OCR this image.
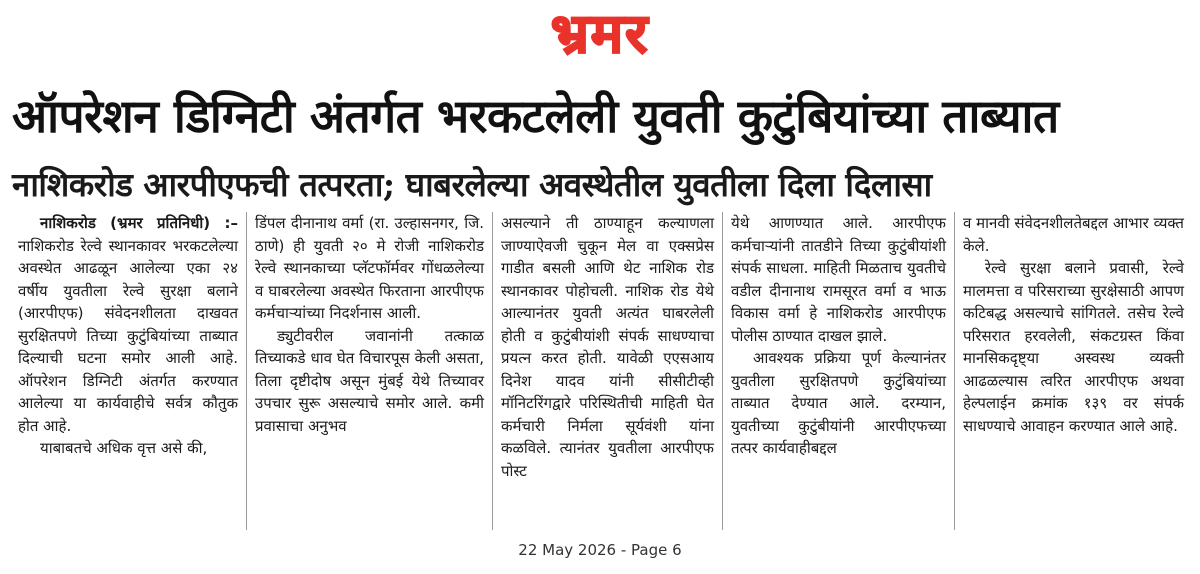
भ्रमर
ऑपरेशन डिग्निटी अंतर्गत भरकटलेली युवती कुटुंबियांच्या ताब्यात
नाशिकरोड आरपीएफची तत्परता; घाबरलेल्या अवस्थेतील युवतीला दिला दिलासा

नाशिकरोड (भ्रमर प्रतिनिधी) :– नाशिकरोड रेल्वे स्थानकावर भरकटलेल्या अवस्थेत आढळून आलेल्या एका २४ वर्षीय युवतीला रेल्वे सुरक्षा बलाने (आरपीएफ) संवेदनशीलता दाखवत सुरक्षितपणे तिच्या कुटुंबियांच्या ताब्यात दिल्याची घटना समोर आली आहे. ऑपरेशन डिग्निटी अंतर्गत करण्यात आलेल्या या कार्यवाहीचे सर्वत्र कौतुक होत आहे.

याबाबतचे अधिक वृत्त असे की,

डिंपल दीनानाथ वर्मा (रा. उल्हासनगर, जि. ठाणे) ही युवती २० मे रोजी नाशिकरोड रेल्वे स्थानकाच्या प्लॅटफॉर्मवर गोंधळलेल्या व घाबरलेल्या अवस्थेत फिरताना आरपीएफ कर्मचाऱ्यांच्या निदर्शनास आली.

ड्युटीवरील जवानांनी तत्काळ तिच्याकडे धाव घेत विचारपूस केली असता, तिला दृष्टीदोष असून मुंबई येथे तिच्यावर उपचार सुरू असल्याचे समोर आले. कमी प्रवासाचा अनुभव

असल्याने ती ठाण्याहून कल्याणला जाण्याऐवजी चुकून मेल वा एक्सप्रेस गाडीत बसली आणि थेट नाशिक रोड स्थानकावर पोहोचली. नाशिक रोड येथे आल्यानंतर युवती अत्यंत घाबरलेली होती व कुटुंबीयांशी संपर्क साधण्याचा प्रयत्न करत होती. यावेळी एएसआय दिनेश यादव यांनी सीसीटीव्ही मॉनिटरिंगद्वारे परिस्थितीची माहिती घेत कर्मचारी निर्मला सूर्यवंशी यांना कळविले. त्यानंतर युवतीला आरपीएफ पोस्ट

येथे आणण्यात आले. आरपीएफ कर्मचाऱ्यांनी तातडीने तिच्या कुटुंबीयांशी संपर्क साधला. माहिती मिळताच युवतीचे वडील दीनानाथ रामसूरत वर्मा व भाऊ विकास वर्मा हे नाशिकरोड आरपीएफ पोलीस ठाण्यात दाखल झाले.

आवश्यक प्रक्रिया पूर्ण केल्यानंतर युवतीला सुरक्षितपणे कुटुंबियांच्या ताब्यात देण्यात आले. दरम्यान, युवतीच्या कुटुंबीयांनी आरपीएफच्या तत्पर कार्यवाहीबद्दल

व मानवी संवेदनशीलतेबद्दल आभार व्यक्त केले.

रेल्वे सुरक्षा बलाने प्रवासी, रेल्वे मालमत्ता व परिसराच्या सुरक्षेसाठी आपण कटिबद्ध असल्याचे सांगितले. तसेच रेल्वे परिसरात हरवलेली, संकटग्रस्त किंवा मानसिकदृष्ट्या अस्वस्थ व्यक्ती आढळल्यास त्वरित आरपीएफ अथवा हेल्पलाईन क्रमांक १३९ वर संपर्क साधण्याचे आवाहन करण्यात आले आहे.

22 May 2026 - Page 6
